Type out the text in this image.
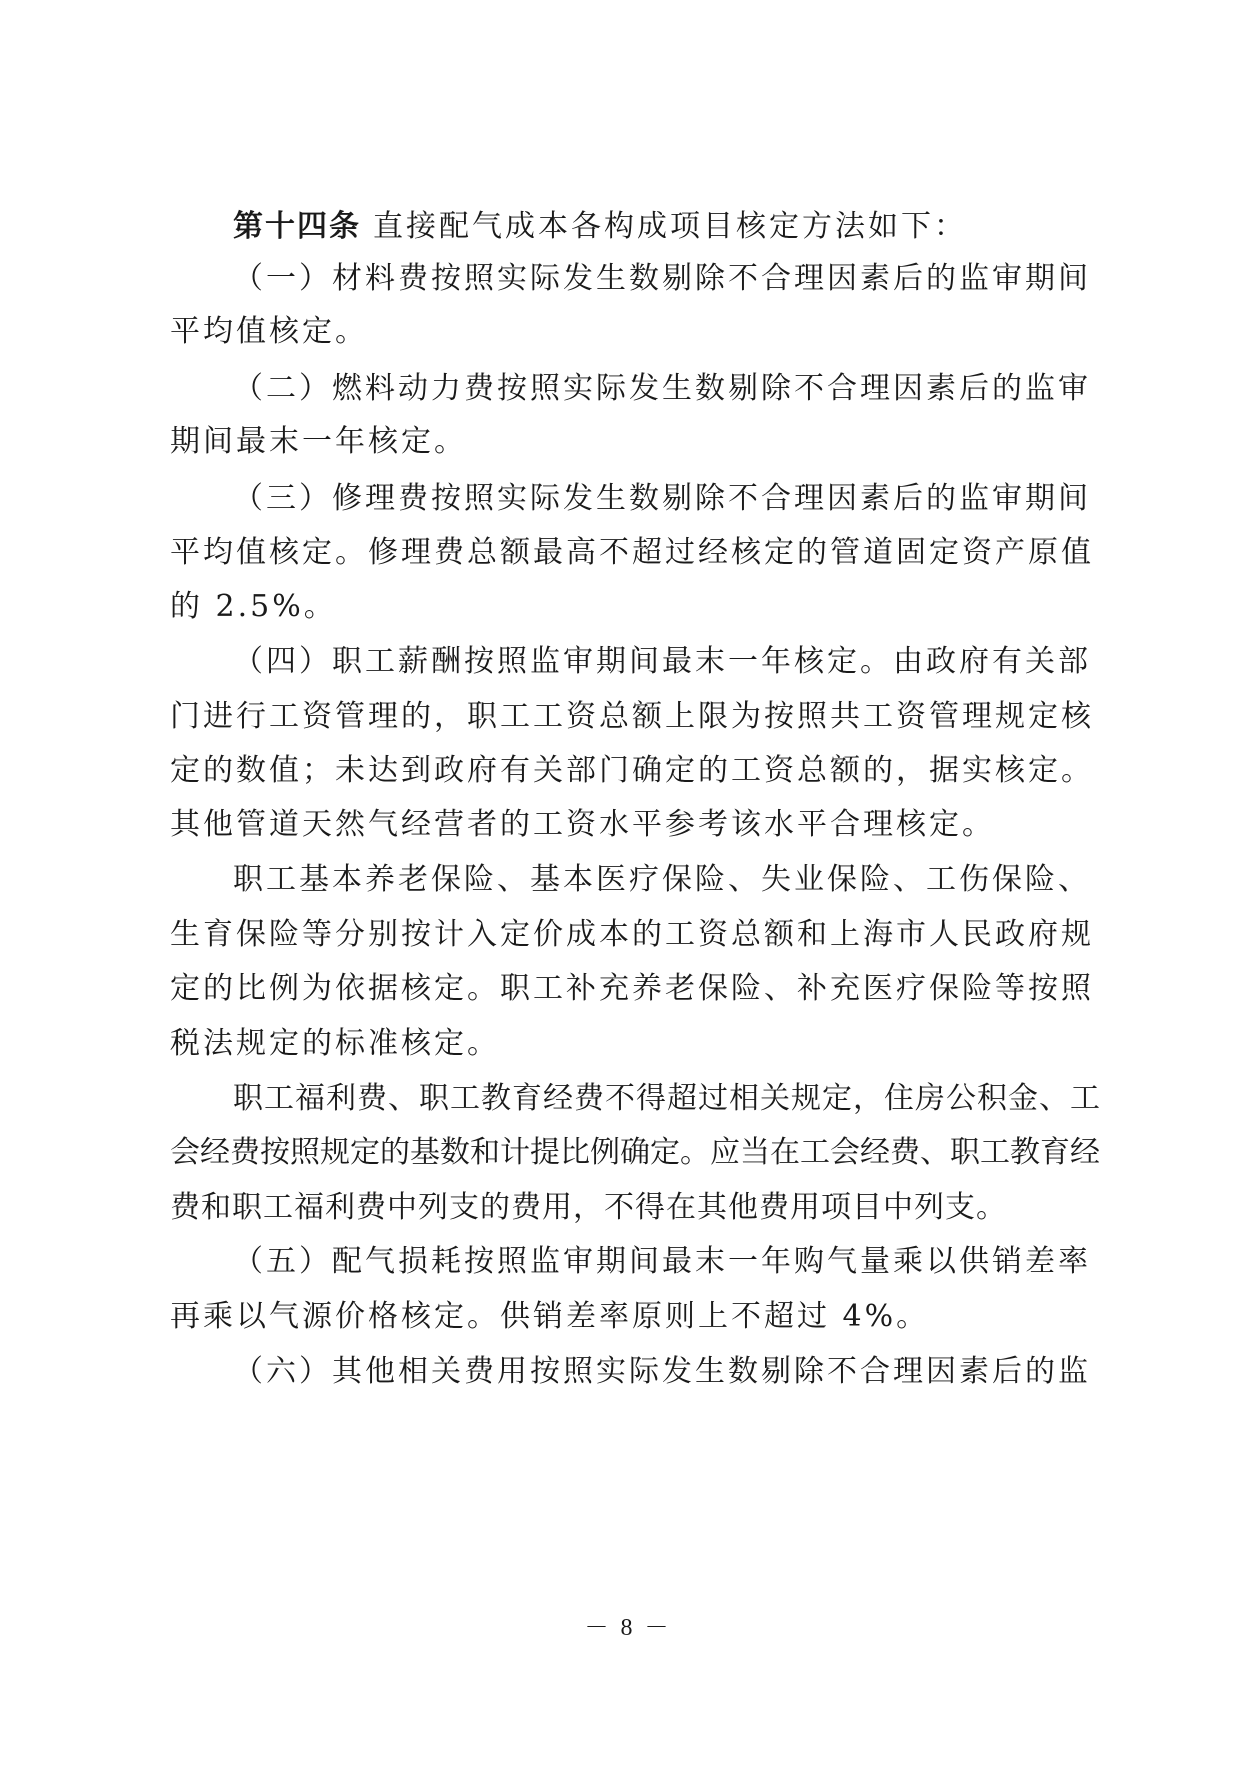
第十四条 直接配气成本各构成项目核定方法如下：
（一）材料费按照实际发生数剔除不合理因素后的监审期间
平均值核定。
（二）燃料动力费按照实际发生数剔除不合理因素后的监审
期间最末一年核定。
（三）修理费按照实际发生数剔除不合理因素后的监审期间
平均值核定。修理费总额最高不超过经核定的管道固定资产原值
的 2.5%。
（四）职工薪酬按照监审期间最末一年核定。由政府有关部
门进行工资管理的，职工工资总额上限为按照共工资管理规定核
定的数值；未达到政府有关部门确定的工资总额的，据实核定。
其他管道天然气经营者的工资水平参考该水平合理核定。
职工基本养老保险、基本医疗保险、失业保险、工伤保险、
生育保险等分别按计入定价成本的工资总额和上海市人民政府规
定的比例为依据核定。职工补充养老保险、补充医疗保险等按照
税法规定的标准核定。
职工福利费、职工教育经费不得超过相关规定，住房公积金、工
会经费按照规定的基数和计提比例确定。应当在工会经费、职工教育经
费和职工福利费中列支的费用，不得在其他费用项目中列支。
（五）配气损耗按照监审期间最末一年购气量乘以供销差率
再乘以气源价格核定。供销差率原则上不超过 4%。
（六）其他相关费用按照实际发生数剔除不合理因素后的监
－ 8 －
